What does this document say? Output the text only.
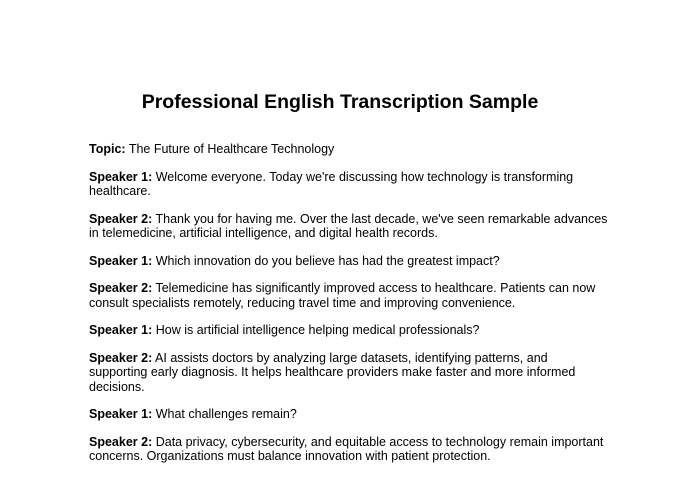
Professional English Transcription Sample

Topic: The Future of Healthcare Technology

Speaker 1: Welcome everyone. Today we're discussing how technology is transforming healthcare.

Speaker 2: Thank you for having me. Over the last decade, we've seen remarkable advances in telemedicine, artificial intelligence, and digital health records.

Speaker 1: Which innovation do you believe has had the greatest impact?

Speaker 2: Telemedicine has significantly improved access to healthcare. Patients can now consult specialists remotely, reducing travel time and improving convenience.

Speaker 1: How is artificial intelligence helping medical professionals?

Speaker 2: AI assists doctors by analyzing large datasets, identifying patterns, and supporting early diagnosis. It helps healthcare providers make faster and more informed decisions.

Speaker 1: What challenges remain?

Speaker 2: Data privacy, cybersecurity, and equitable access to technology remain important concerns. Organizations must balance innovation with patient protection.
